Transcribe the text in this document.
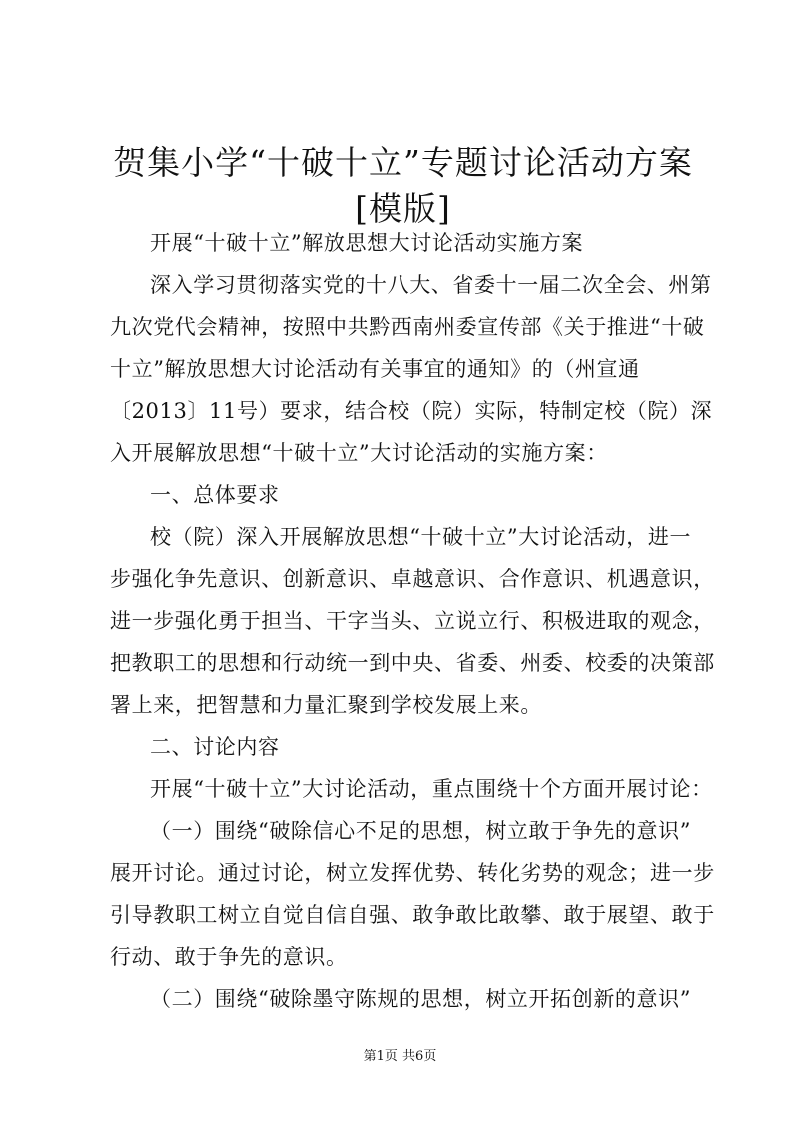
贺集小学“十破十立”专题讨论活动方案[模版]
开展“十破十立”解放思想大讨论活动实施方案
深入学习贯彻落实党的十八大、省委十一届二次全会、州第
九次党代会精神，按照中共黔西南州委宣传部《关于推进“十破
十立”解放思想大讨论活动有关事宜的通知》的（州宣通
〔2013〕11号）要求，结合校（院）实际，特制定校（院）深
入开展解放思想“十破十立”大讨论活动的实施方案：
一、总体要求
校（院）深入开展解放思想“十破十立”大讨论活动，进一
步强化争先意识、创新意识、卓越意识、合作意识、机遇意识，
进一步强化勇于担当、干字当头、立说立行、积极进取的观念，
把教职工的思想和行动统一到中央、省委、州委、校委的决策部
署上来，把智慧和力量汇聚到学校发展上来。
二、讨论内容
开展“十破十立”大讨论活动，重点围绕十个方面开展讨论：
（一）围绕“破除信心不足的思想，树立敢于争先的意识”
展开讨论。通过讨论，树立发挥优势、转化劣势的观念；进一步
引导教职工树立自觉自信自强、敢争敢比敢攀、敢于展望、敢于
行动、敢于争先的意识。
（二）围绕“破除墨守陈规的思想，树立开拓创新的意识”
第1页 共6页
